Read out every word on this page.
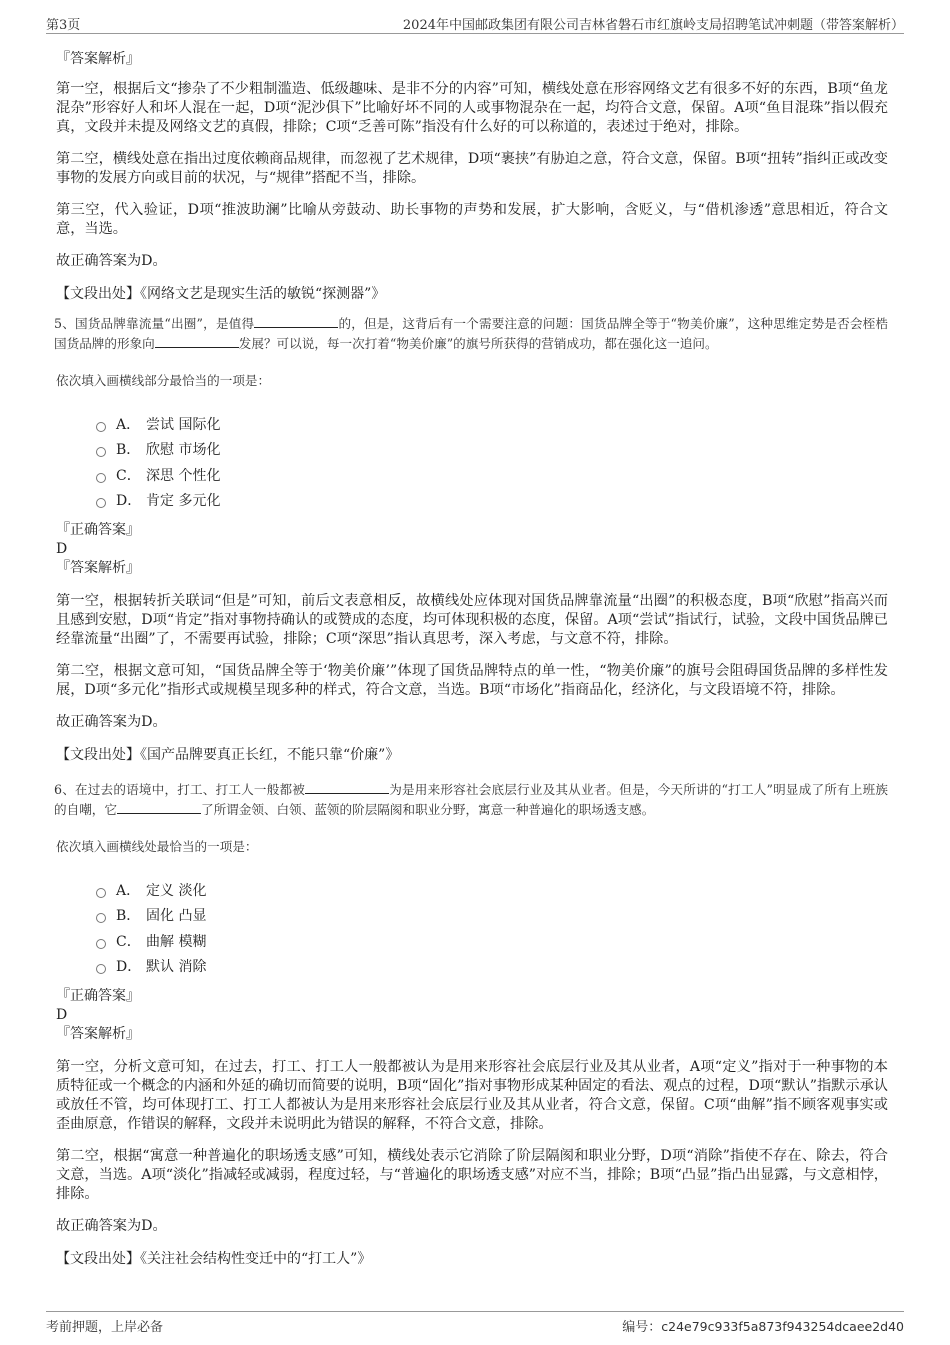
第3页	2024年中国邮政集团有限公司吉林省磐石市红旗岭支局招聘笔试冲刺题（带答案解析）
『答案解析』
第一空，根据后文“掺杂了不少粗制滥造、低级趣味、是非不分的内容”可知，横线处意在形容网络文艺有很多不好的东西，B项“鱼龙混杂”形容好人和坏人混在一起，D项“泥沙俱下”比喻好坏不同的人或事物混杂在一起，均符合文意，保留。A项“鱼目混珠”指以假充真，文段并未提及网络文艺的真假，排除；C项“乏善可陈”指没有什么好的可以称道的，表述过于绝对，排除。
第二空，横线处意在指出过度依赖商品规律，而忽视了艺术规律，D项“裹挟”有胁迫之意，符合文意，保留。B项“扭转”指纠正或改变事物的发展方向或目前的状况，与“规律”搭配不当，排除。
第三空，代入验证，D项“推波助澜”比喻从旁鼓动、助长事物的声势和发展，扩大影响，含贬义，与“借机渗透”意思相近，符合文意，当选。
故正确答案为D。
【文段出处】《网络文艺是现实生活的敏锐“探测器”》
5、国货品牌靠流量“出圈”，是值得	的，但是，这背后有一个需要注意的问题：国货品牌全等于“物美价廉”，这种思维定势是否会桎梏国货品牌的形象向	发展？可以说，每一次打着“物美价廉”的旗号所获得的营销成功，都在强化这一追问。
依次填入画横线部分最恰当的一项是：
A． 尝试 国际化
B． 欣慰 市场化
C． 深思 个性化
D． 肯定 多元化
『正确答案』
D
『答案解析』
第一空，根据转折关联词“但是”可知，前后文表意相反，故横线处应体现对国货品牌靠流量“出圈”的积极态度，B项“欣慰”指高兴而且感到安慰，D项“肯定”指对事物持确认的或赞成的态度，均可体现积极的态度，保留。A项“尝试”指试行，试验，文段中国货品牌已经靠流量“出圈”了，不需要再试验，排除；C项“深思”指认真思考，深入考虑，与文意不符，排除。
第二空，根据文意可知，“国货品牌全等于‘物美价廉’”体现了国货品牌特点的单一性，“物美价廉”的旗号会阻碍国货品牌的多样性发展，D项“多元化”指形式或规模呈现多种的样式，符合文意，当选。B项“市场化”指商品化，经济化，与文段语境不符，排除。
故正确答案为D。
【文段出处】《国产品牌要真正长红，不能只靠“价廉”》
6、在过去的语境中，打工、打工人一般都被	为是用来形容社会底层行业及其从业者。但是，今天所讲的“打工人”明显成了所有上班族的自嘲，它	了所谓金领、白领、蓝领的阶层隔阂和职业分野，寓意一种普遍化的职场透支感。
依次填入画横线处最恰当的一项是：
A． 定义 淡化
B． 固化 凸显
C． 曲解 模糊
D． 默认 消除
『正确答案』
D
『答案解析』
第一空，分析文意可知，在过去，打工、打工人一般都被认为是用来形容社会底层行业及其从业者，A项“定义”指对于一种事物的本质特征或一个概念的内涵和外延的确切而简要的说明，B项“固化”指对事物形成某种固定的看法、观点的过程，D项“默认”指默示承认或放任不管，均可体现打工、打工人都被认为是用来形容社会底层行业及其从业者，符合文意，保留。C项“曲解”指不顾客观事实或歪曲原意，作错误的解释，文段并未说明此为错误的解释，不符合文意，排除。
第二空，根据“寓意一种普遍化的职场透支感”可知，横线处表示它消除了阶层隔阂和职业分野，D项“消除”指使不存在、除去，符合文意，当选。A项“淡化”指减轻或减弱，程度过轻，与“普遍化的职场透支感”对应不当，排除；B项“凸显”指凸出显露，与文意相悖，排除。
故正确答案为D。
【文段出处】《关注社会结构性变迁中的“打工人”》
考前押题，上岸必备	编号：c24e79c933f5a873f943254dcaee2d40
